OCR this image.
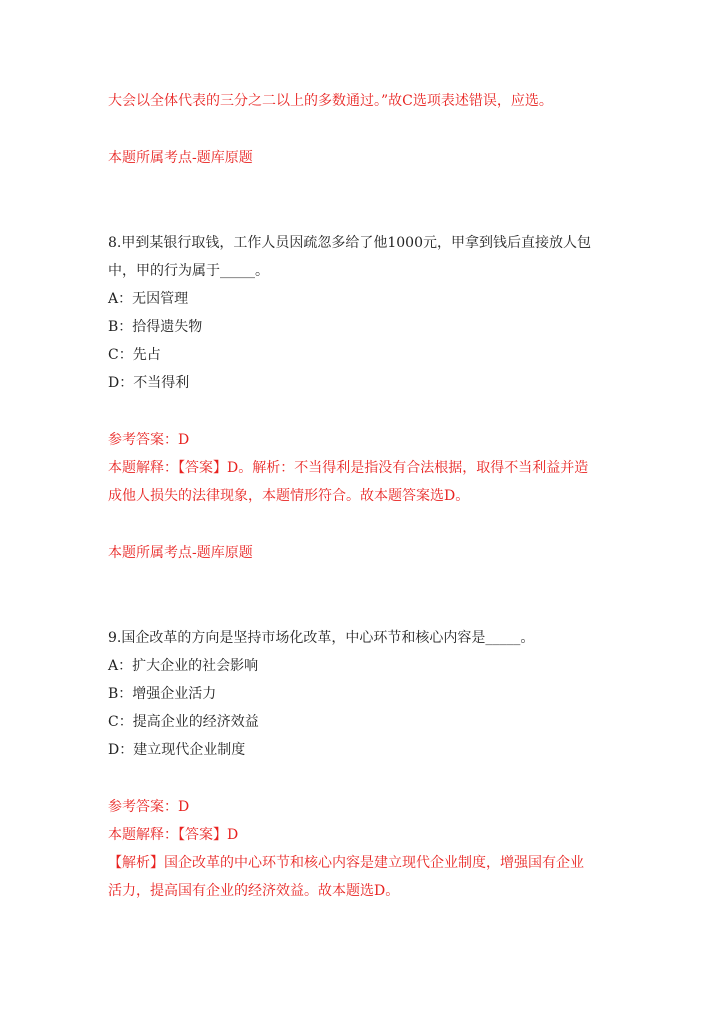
大会以全体代表的三分之二以上的多数通过。”故C选项表述错误，应选。
本题所属考点-题库原题
8.甲到某银行取钱，工作人员因疏忽多给了他1000元，甲拿到钱后直接放人包
中，甲的行为属于_____。
A：无因管理
B：拾得遗失物
C：先占
D：不当得利
参考答案：D
本题解释：【答案】D。解析：不当得利是指没有合法根据，取得不当利益并造
成他人损失的法律现象，本题情形符合。故本题答案选D。
本题所属考点-题库原题
9.国企改革的方向是坚持市场化改革，中心环节和核心内容是_____。
A：扩大企业的社会影响
B：增强企业活力
C：提高企业的经济效益
D：建立现代企业制度
参考答案：D
本题解释：【答案】D
【解析】国企改革的中心环节和核心内容是建立现代企业制度，增强国有企业
活力，提高国有企业的经济效益。故本题选D。
